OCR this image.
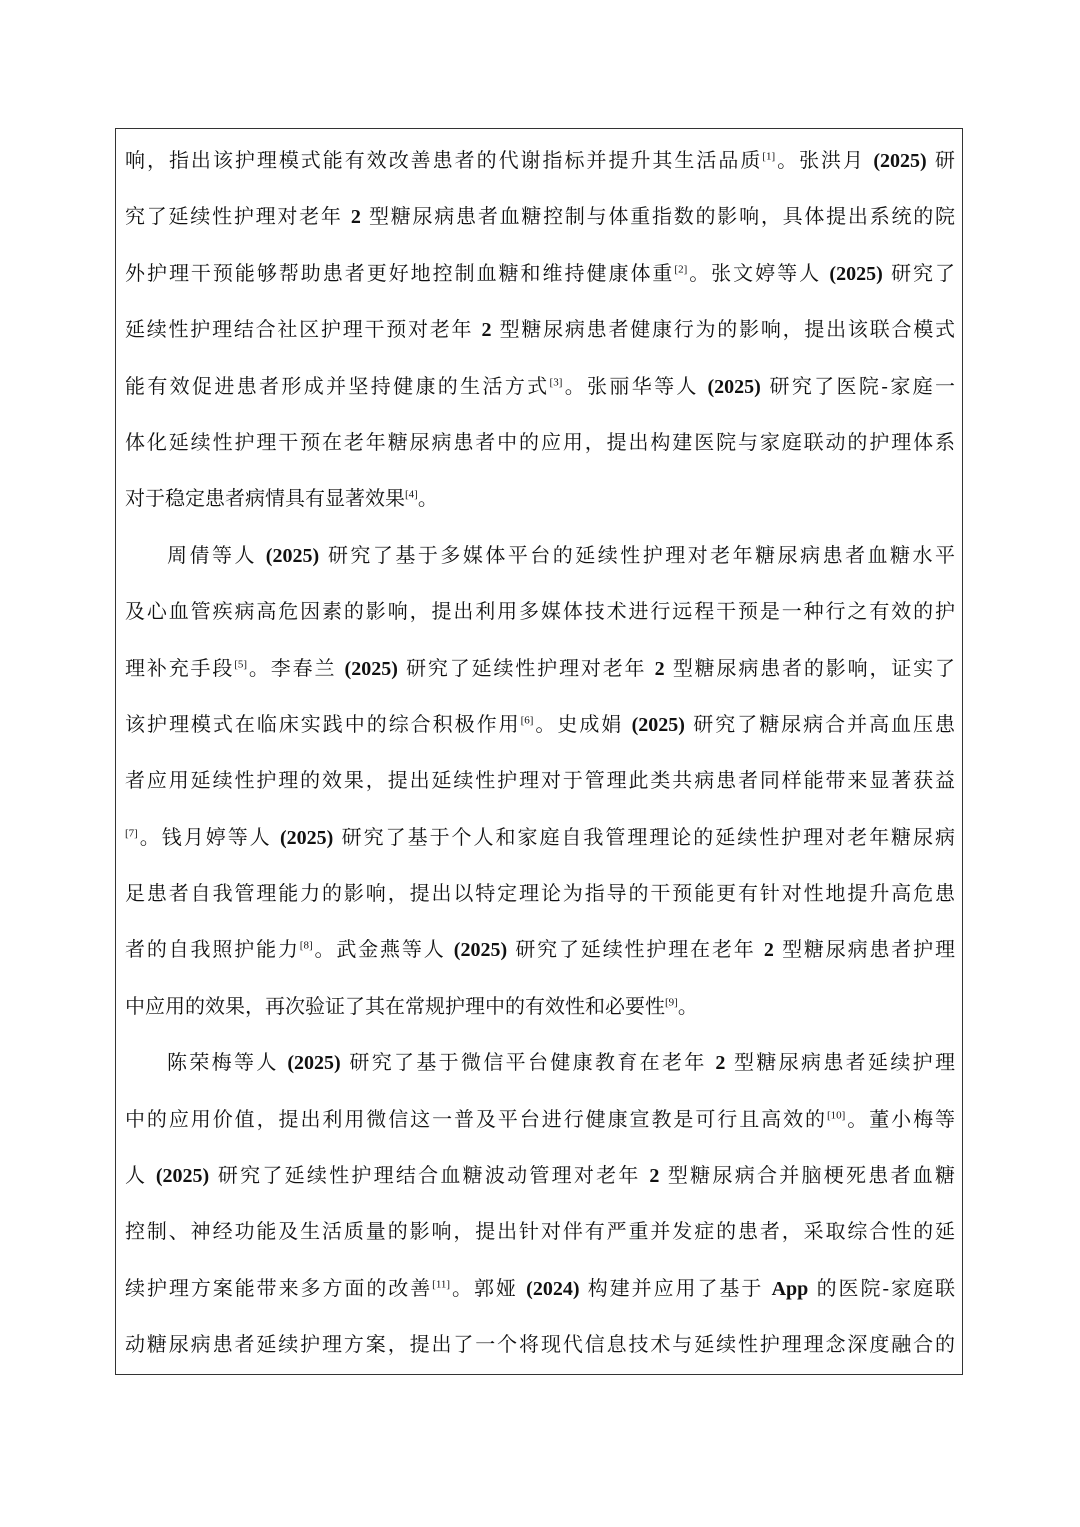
响，指出该护理模式能有效改善患者的代谢指标并提升其生活品质[1]。张洪月 (2025) 研
究了延续性护理对老年 2 型糖尿病患者血糖控制与体重指数的影响，具体提出系统的院
外护理干预能够帮助患者更好地控制血糖和维持健康体重[2]。张文婷等人 (2025) 研究了
延续性护理结合社区护理干预对老年 2 型糖尿病患者健康行为的影响，提出该联合模式
能有效促进患者形成并坚持健康的生活方式[3]。张丽华等人 (2025) 研究了医院-家庭一
体化延续性护理干预在老年糖尿病患者中的应用，提出构建医院与家庭联动的护理体系
对于稳定患者病情具有显著效果[4]。
周倩等人 (2025) 研究了基于多媒体平台的延续性护理对老年糖尿病患者血糖水平
及心血管疾病高危因素的影响，提出利用多媒体技术进行远程干预是一种行之有效的护
理补充手段[5]。李春兰 (2025) 研究了延续性护理对老年 2 型糖尿病患者的影响，证实了
该护理模式在临床实践中的综合积极作用[6]。史成娟 (2025) 研究了糖尿病合并高血压患
者应用延续性护理的效果，提出延续性护理对于管理此类共病患者同样能带来显著获益
[7]。钱月婷等人 (2025) 研究了基于个人和家庭自我管理理论的延续性护理对老年糖尿病
足患者自我管理能力的影响，提出以特定理论为指导的干预能更有针对性地提升高危患
者的自我照护能力[8]。武金燕等人 (2025) 研究了延续性护理在老年 2 型糖尿病患者护理
中应用的效果，再次验证了其在常规护理中的有效性和必要性[9]。
陈荣梅等人 (2025) 研究了基于微信平台健康教育在老年 2 型糖尿病患者延续护理
中的应用价值，提出利用微信这一普及平台进行健康宣教是可行且高效的[10]。董小梅等
人 (2025) 研究了延续性护理结合血糖波动管理对老年 2 型糖尿病合并脑梗死患者血糖
控制、神经功能及生活质量的影响，提出针对伴有严重并发症的患者，采取综合性的延
续护理方案能带来多方面的改善[11]。郭娅 (2024) 构建并应用了基于 App 的医院-家庭联
动糖尿病患者延续护理方案，提出了一个将现代信息技术与延续性护理理念深度融合的
